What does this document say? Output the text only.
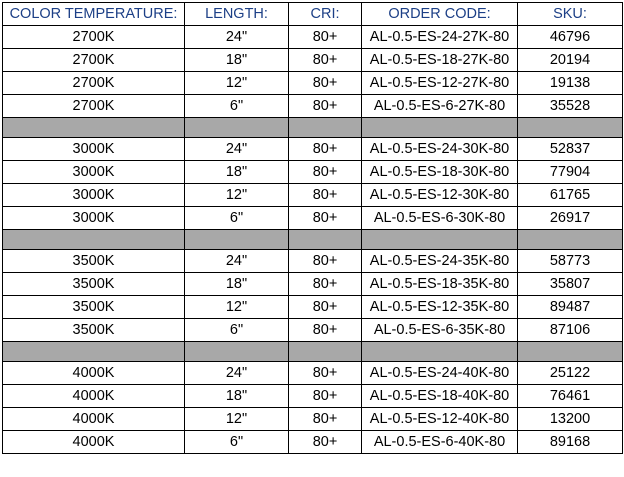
COLOR TEMPERATURE:	LENGTH:	CRI:	ORDER CODE:	SKU:
2700K	24"	80+	AL-0.5-ES-24-27K-80	46796
2700K	18"	80+	AL-0.5-ES-18-27K-80	20194
2700K	12"	80+	AL-0.5-ES-12-27K-80	19138
2700K	6"	80+	AL-0.5-ES-6-27K-80	35528

3000K	24"	80+	AL-0.5-ES-24-30K-80	52837
3000K	18"	80+	AL-0.5-ES-18-30K-80	77904
3000K	12"	80+	AL-0.5-ES-12-30K-80	61765
3000K	6"	80+	AL-0.5-ES-6-30K-80	26917

3500K	24"	80+	AL-0.5-ES-24-35K-80	58773
3500K	18"	80+	AL-0.5-ES-18-35K-80	35807
3500K	12"	80+	AL-0.5-ES-12-35K-80	89487
3500K	6"	80+	AL-0.5-ES-6-35K-80	87106

4000K	24"	80+	AL-0.5-ES-24-40K-80	25122
4000K	18"	80+	AL-0.5-ES-18-40K-80	76461
4000K	12"	80+	AL-0.5-ES-12-40K-80	13200
4000K	6"	80+	AL-0.5-ES-6-40K-80	89168
